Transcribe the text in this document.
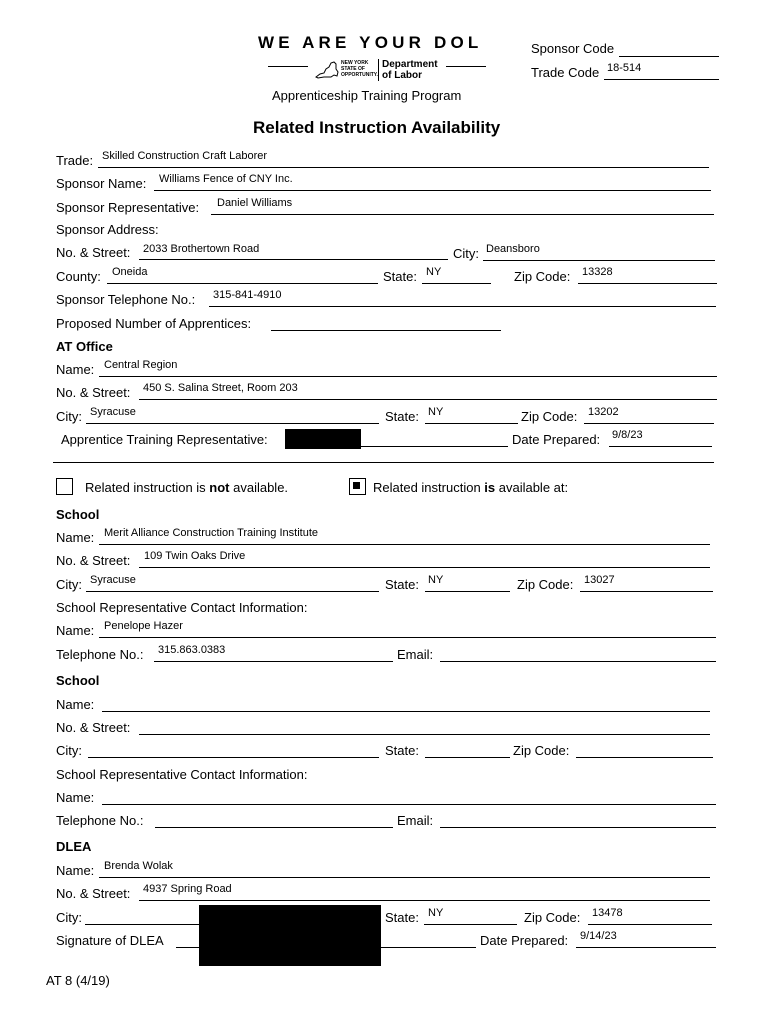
WE ARE YOUR DOL
NEW YORK STATE OF OPPORTUNITY.
Department of Labor
Apprenticeship Training Program
Sponsor Code
Trade Code 18-514
Related Instruction Availability
Trade: Skilled Construction Craft Laborer
Sponsor Name: Williams Fence of CNY Inc.
Sponsor Representative: Daniel Williams
Sponsor Address:
No. & Street: 2033 Brothertown Road	City: Deansboro
County: Oneida	State: NY	Zip Code: 13328
Sponsor Telephone No.: 315-841-4910
Proposed Number of Apprentices:
AT Office
Name: Central Region
No. & Street: 450 S. Salina Street, Room 203
City: Syracuse	State: NY	Zip Code: 13202
Apprentice Training Representative:	Date Prepared: 9/8/23
Related instruction is not available.	Related instruction is available at:
School
Name: Merit Alliance Construction Training Institute
No. & Street: 109 Twin Oaks Drive
City: Syracuse	State: NY	Zip Code: 13027
School Representative Contact Information:
Name: Penelope Hazer
Telephone No.: 315.863.0383	Email:
School
Name:
No. & Street:
City:	State:	Zip Code:
School Representative Contact Information:
Name:
Telephone No.:	Email:
DLEA
Name: Brenda Wolak
No. & Street: 4937 Spring Road
City:	State: NY	Zip Code: 13478
Signature of DLEA	Date Prepared: 9/14/23
AT 8 (4/19)
